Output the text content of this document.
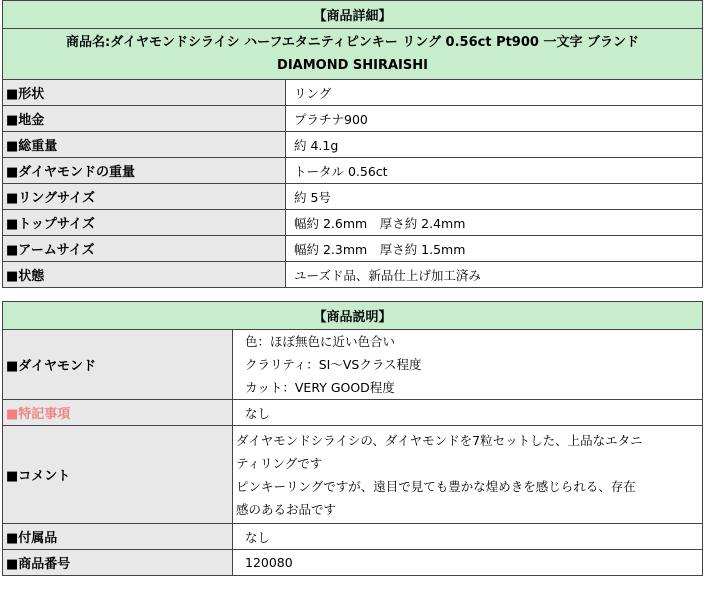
【商品詳細】	

商品名:ダイヤモンドシライシ ハーフエタニティピンキー リング 0.56ct Pt900 一文字 ブランド
DIAMOND SHIRAISHI	

■形状	リング
■地金	プラチナ900
■総重量	約 4.1g
■ダイヤモンドの重量	トータル 0.56ct
■リングサイズ	約 5号
■トップサイズ	幅約 2.6mm　厚さ約 2.4mm
■アームサイズ	幅約 2.3mm　厚さ約 1.5mm
■状態	ユーズド品、新品仕上げ加工済み
【商品説明】	
■ダイヤモンド	色：ほぼ無色に近い色合い
クラリティ：SI〜VSクラス程度
カット：VERY GOOD程度

■特記事項	なし
■コメント	ダイヤモンドシライシの、ダイヤモンドを7粒セットした、上品なエタニ
ティリングです
ピンキーリングですが、遠目で見ても豊かな煌めきを感じられる、存在
感のあるお品です

■付属品	なし
■商品番号	120080
